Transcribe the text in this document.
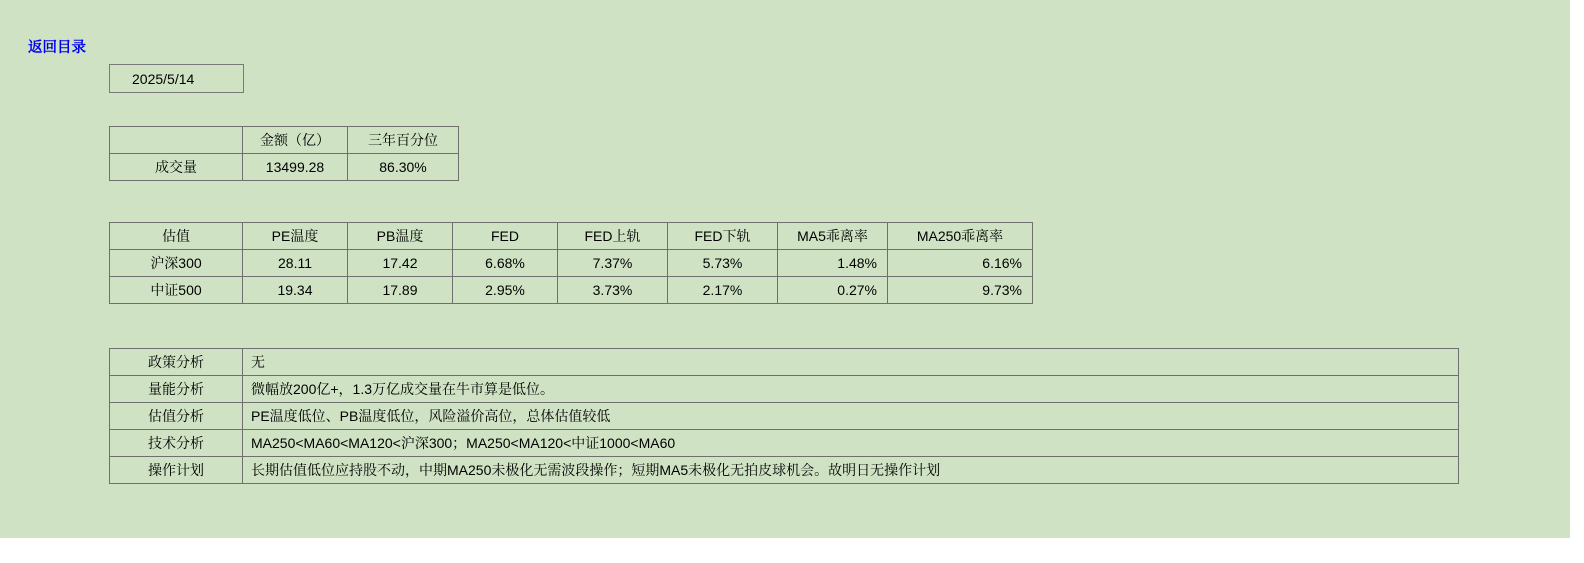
返回目录
2025/5/14
	金额（亿）	三年百分位
成交量	13499.28	86.30%
估值	PE温度	PB温度	FED	FED上轨	FED下轨	MA5乖离率	MA250乖离率
沪深300	28.11	17.42	6.68%	7.37%	5.73%	1.48%	6.16%
中证500	19.34	17.89	2.95%	3.73%	2.17%	0.27%	9.73%
政策分析	无
量能分析	微幅放200亿+，1.3万亿成交量在牛市算是低位。
估值分析	PE温度低位、PB温度低位，风险溢价高位，总体估值较低
技术分析	MA250<MA60<MA120<沪深300；MA250<MA120<中证1000<MA60
操作计划	长期估值低位应持股不动，中期MA250未极化无需波段操作；短期MA5未极化无拍皮球机会。故明日无操作计划
